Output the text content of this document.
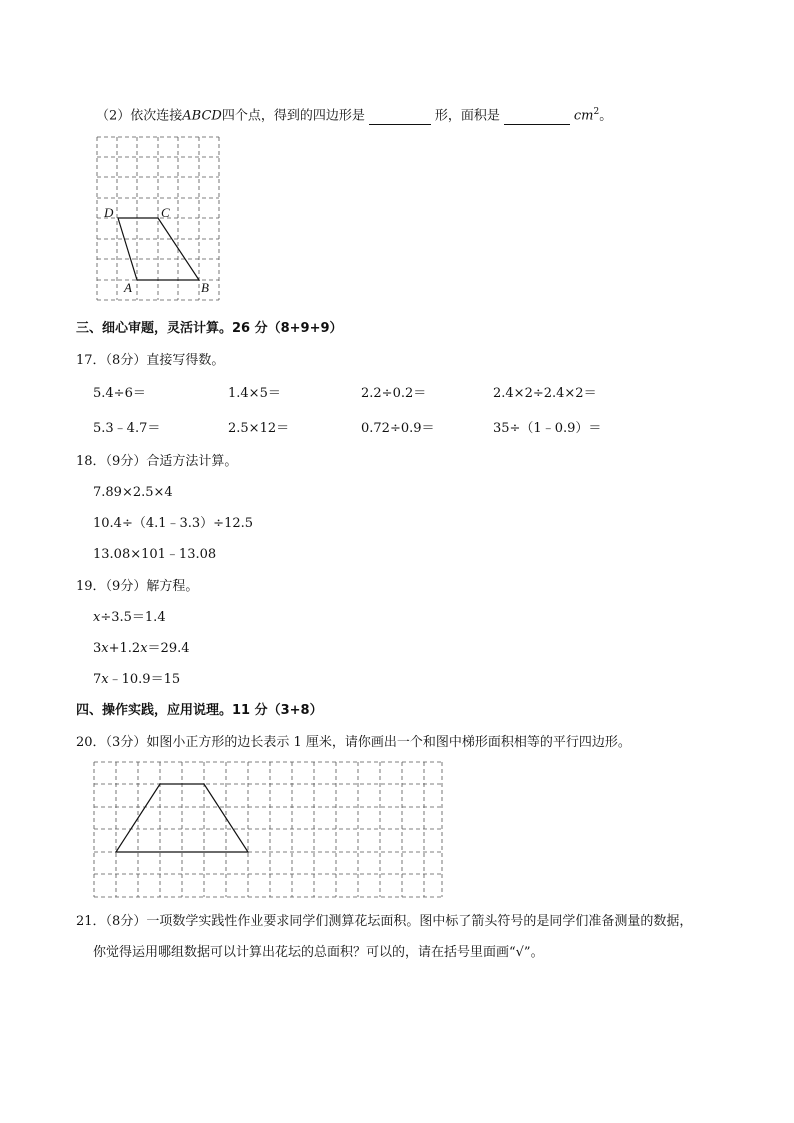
（2）依次连接ABCD四个点，得到的四边形是	形，面积是	$cm^2$。
D	C
A	B
三、细心审题，灵活计算。26 分（8+9+9）
17．（8分）直接写得数。
5.4÷6＝	1.4×5＝	2.2÷0.2＝	2.4×2÷2.4×2＝
5.3﹣4.7＝	2.5×12＝	0.72÷0.9＝	35÷（1﹣0.9）＝
18．（9分）合适方法计算。
7.89×2.5×4
10.4÷（4.1﹣3.3）÷12.5
13.08×101﹣13.08
19．（9分）解方程。
x÷3.5＝1.4
3x+1.2x＝29.4
7x﹣10.9＝15
四、操作实践，应用说理。11 分（3+8）
20．（3分）如图小正方形的边长表示 1 厘米，请你画出一个和图中梯形面积相等的平行四边形。
21．（8分）一项数学实践性作业要求同学们测算花坛面积。图中标了箭头符号的是同学们准备测量的数据，
你觉得运用哪组数据可以计算出花坛的总面积？可以的，请在括号里面画“√”。
